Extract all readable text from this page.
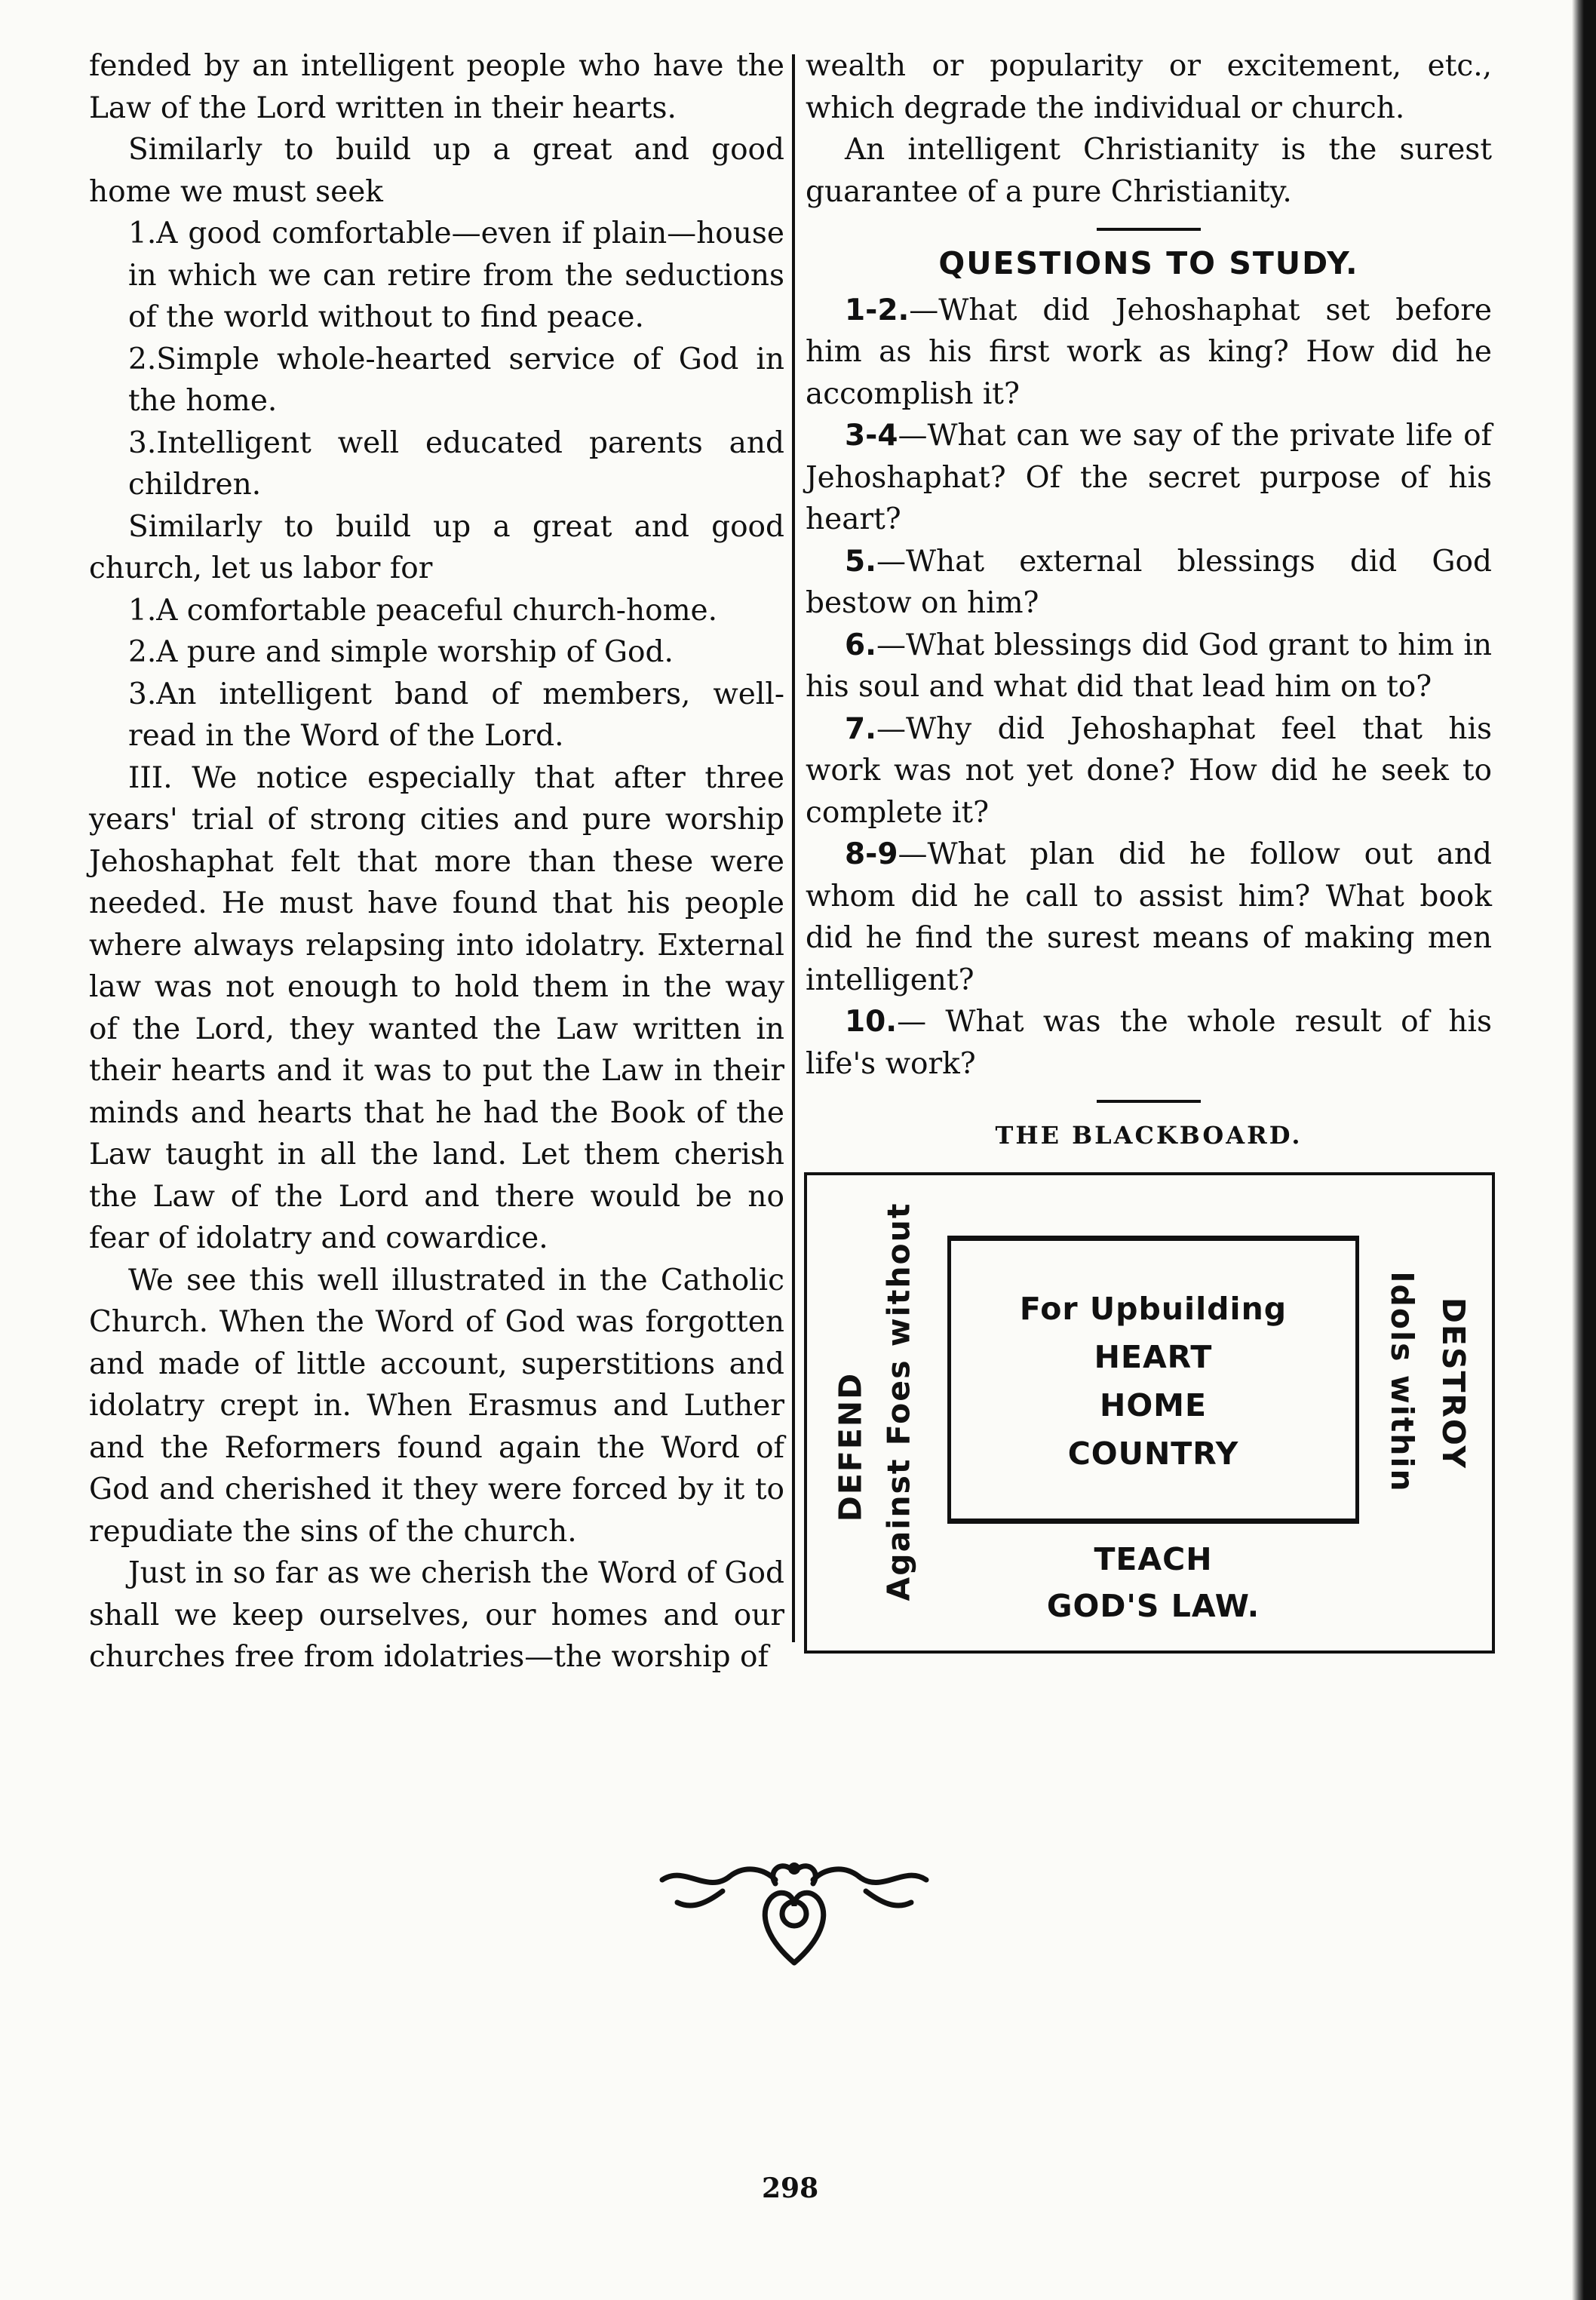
fended by an intelligent people who have the Law of the Lord written in their hearts.

Similarly to build up a great and good home we must seek

1.A good comfortable—even if plain—house in which we can retire from the seductions of the world without to find peace.

2.Simple whole-hearted service of God in the home.

3.Intelligent well educated parents and children.

Similarly to build up a great and good church, let us labor for

1.A comfortable peaceful church-home.

2.A pure and simple worship of God.

3.An intelligent band of members, well-read in the Word of the Lord.

III. We notice especially that after three years' trial of strong cities and pure worship Jehoshaphat felt that more than these were needed. He must have found that his people where always relapsing into idolatry. External law was not enough to hold them in the way of the Lord, they wanted the Law written in their hearts and it was to put the Law in their minds and hearts that he had the Book of the Law taught in all the land. Let them cherish the Law of the Lord and there would be no fear of idolatry and cowardice.

We see this well illustrated in the Catholic Church. When the Word of God was forgotten and made of little account, superstitions and idolatry crept in. When Erasmus and Luther and the Reformers found again the Word of God and cherished it they were forced by it to repudiate the sins of the church.

Just in so far as we cherish the Word of God shall we keep ourselves, our homes and our churches free from idolatries—the worship of

wealth or popularity or excitement, etc., which degrade the individual or church.

An intelligent Christianity is the surest guarantee of a pure Christianity.

QUESTIONS TO STUDY.

1-2.—What did Jehoshaphat set before him as his first work as king? How did he accomplish it?

3-4—What can we say of the private life of Jehoshaphat? Of the secret purpose of his heart?

5.—What external blessings did God bestow on him?

6.—What blessings did God grant to him in his soul and what did that lead him on to?

7.—Why did Jehoshaphat feel that his work was not yet done? How did he seek to complete it?

8-9—What plan did he follow out and whom did he call to assist him? What book did he find the surest means of making men intelligent?

10.— What was the whole result of his life's work?

THE BLACKBOARD.
DEFEND Against Foes without	For Upbuilding
HEART
HOME
COUNTRY	Idols within DESTROY
TEACH
GOD'S LAW.
298
